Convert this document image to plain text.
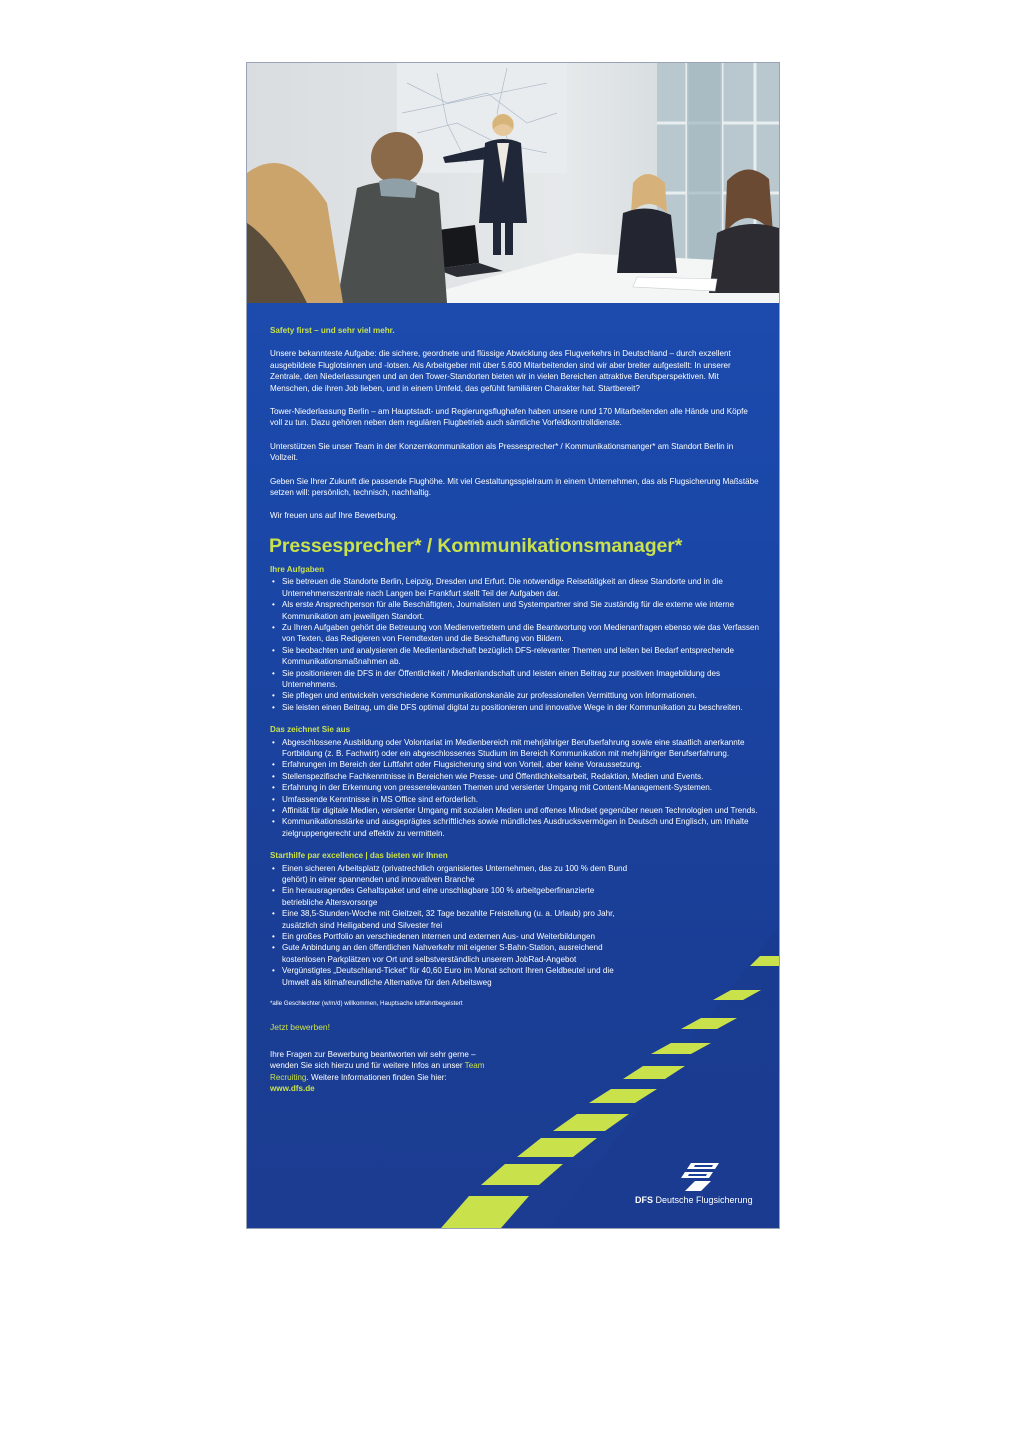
Safety first – und sehr viel mehr.

Unsere bekannteste Aufgabe: die sichere, geordnete und flüssige Abwicklung des Flugverkehrs in Deutschland – durch exzellent ausgebildete Fluglotsinnen und -lotsen. Als Arbeitgeber mit über 5.600 Mitarbeitenden sind wir aber breiter aufgestellt: In unserer Zentrale, den Niederlassungen und an den Tower-Standorten bieten wir in vielen Bereichen attraktive Berufsperspektiven. Mit Menschen, die ihren Job lieben, und in einem Umfeld, das gefühlt familiären Charakter hat. Startbereit?

Tower-Niederlassung Berlin – am Hauptstadt- und Regierungsflughafen haben unsere rund 170 Mitarbeitenden alle Hände und Köpfe voll zu tun. Dazu gehören neben dem regulären Flugbetrieb auch sämtliche Vorfeldkontrolldienste.

Unterstützen Sie unser Team in der Konzernkommunikation als Pressesprecher* / Kommunikationsmanger* am Standort Berlin in Vollzeit.

Geben Sie Ihrer Zukunft die passende Flughöhe. Mit viel Gestaltungsspielraum in einem Unternehmen, das als Flugsicherung Maßstäbe setzen will: persönlich, technisch, nachhaltig.

Wir freuen uns auf Ihre Bewerbung.

Pressesprecher* / Kommunikationsmanager*
Ihre Aufgaben
• Sie betreuen die Standorte Berlin, Leipzig, Dresden und Erfurt. Die notwendige Reisetätigkeit an diese Standorte und in die Unternehmenszentrale nach Langen bei Frankfurt stellt Teil der Aufgaben dar.
• Als erste Ansprechperson für alle Beschäftigten, Journalisten und Systempartner sind Sie zuständig für die externe wie interne Kommunikation am jeweiligen Standort.
• Zu Ihren Aufgaben gehört die Betreuung von Medienvertretern und die Beantwortung von Medienanfragen ebenso wie das Verfassen von Texten, das Redigieren von Fremdtexten und die Beschaffung von Bildern.
• Sie beobachten und analysieren die Medienlandschaft bezüglich DFS-relevanter Themen und leiten bei Bedarf entsprechende Kommunikationsmaßnahmen ab.
• Sie positionieren die DFS in der Öffentlichkeit / Medienlandschaft und leisten einen Beitrag zur positiven Imagebildung des Unternehmens.
• Sie pflegen und entwickeln verschiedene Kommunikationskanäle zur professionellen Vermittlung von Informationen.
• Sie leisten einen Beitrag, um die DFS optimal digital zu positionieren und innovative Wege in der Kommunikation zu beschreiten.
Das zeichnet Sie aus
• Abgeschlossene Ausbildung oder Volontariat im Medienbereich mit mehrjähriger Berufserfahrung sowie eine staatlich anerkannte Fortbildung (z. B. Fachwirt) oder ein abgeschlossenes Studium im Bereich Kommunikation mit mehrjähriger Berufserfahrung.
• Erfahrungen im Bereich der Luftfahrt oder Flugsicherung sind von Vorteil, aber keine Voraussetzung.
• Stellenspezifische Fachkenntnisse in Bereichen wie Presse- und Öffentlichkeitsarbeit, Redaktion, Medien und Events.
• Erfahrung in der Erkennung von presserelevanten Themen und versierter Umgang mit Content-Management-Systemen.
• Umfassende Kenntnisse in MS Office sind erforderlich.
• Affinität für digitale Medien, versierter Umgang mit sozialen Medien und offenes Mindset gegenüber neuen Technologien und Trends.
• Kommunikationsstärke und ausgeprägtes schriftliches sowie mündliches Ausdrucksvermögen in Deutsch und Englisch, um Inhalte zielgruppengerecht und effektiv zu vermitteln.
Starthilfe par excellence | das bieten wir Ihnen
• Einen sicheren Arbeitsplatz (privatrechtlich organisiertes Unternehmen, das zu 100 % dem Bund gehört) in einer spannenden und innovativen Branche
• Ein herausragendes Gehaltspaket und eine unschlagbare 100 % arbeitgeberfinanzierte betriebliche Altersvorsorge
• Eine 38,5-Stunden-Woche mit Gleitzeit, 32 Tage bezahlte Freistellung (u. a. Urlaub) pro Jahr, zusätzlich sind Heiligabend und Silvester frei
• Ein großes Portfolio an verschiedenen internen und externen Aus- und Weiterbildungen
• Gute Anbindung an den öffentlichen Nahverkehr mit eigener S-Bahn-Station, ausreichend kostenlosen Parkplätzen vor Ort und selbstverständlich unserem JobRad-Angebot
• Vergünstigtes „Deutschland-Ticket“ für 40,60 Euro im Monat schont Ihren Geldbeutel und die Umwelt als klimafreundliche Alternative für den Arbeitsweg
*alle Geschlechter (w/m/d) willkommen, Hauptsache luftfahrtbegeistert
Jetzt bewerben!
Ihre Fragen zur Bewerbung beantworten wir sehr gerne – wenden Sie sich hierzu und für weitere Infos an unser Team Recruiting. Weitere Informationen finden Sie hier:
www.dfs.de
DFS Deutsche Flugsicherung
